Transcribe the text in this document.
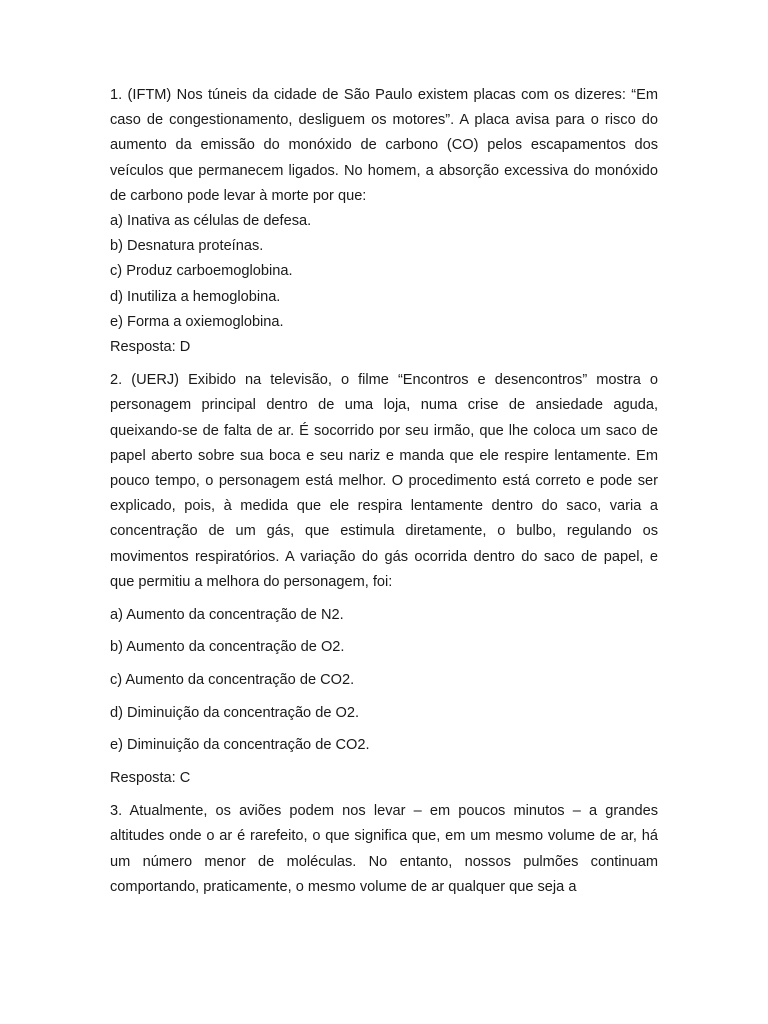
1. (IFTM) Nos túneis da cidade de São Paulo existem placas com os dizeres: “Em caso de congestionamento, desliguem os motores”. A placa avisa para o risco do aumento da emissão do monóxido de carbono (CO) pelos escapamentos dos veículos que permanecem ligados. No homem, a absorção excessiva do monóxido de carbono pode levar à morte por que:

a) Inativa as células de defesa.

b) Desnatura proteínas.

c) Produz carboemoglobina.

d) Inutiliza a hemoglobina.

e) Forma a oxiemoglobina.

Resposta: D

2. (UERJ) Exibido na televisão, o filme “Encontros e desencontros” mostra o personagem principal dentro de uma loja, numa crise de ansiedade aguda, queixando-se de falta de ar. É socorrido por seu irmão, que lhe coloca um saco de papel aberto sobre sua boca e seu nariz e manda que ele respire lentamente. Em pouco tempo, o personagem está melhor. O procedimento está correto e pode ser explicado, pois, à medida que ele respira lentamente dentro do saco, varia a concentração de um gás, que estimula diretamente, o bulbo, regulando os movimentos respiratórios. A variação do gás ocorrida dentro do saco de papel, e que permitiu a melhora do personagem, foi:

a) Aumento da concentração de N2.

b) Aumento da concentração de O2.

c) Aumento da concentração de CO2.

d) Diminuição da concentração de O2.

e) Diminuição da concentração de CO2.

Resposta: C

3. Atualmente, os aviões podem nos levar – em poucos minutos – a grandes altitudes onde o ar é rarefeito, o que significa que, em um mesmo volume de ar, há um número menor de moléculas. No entanto, nossos pulmões continuam comportando, praticamente, o mesmo volume de ar qualquer que seja a
